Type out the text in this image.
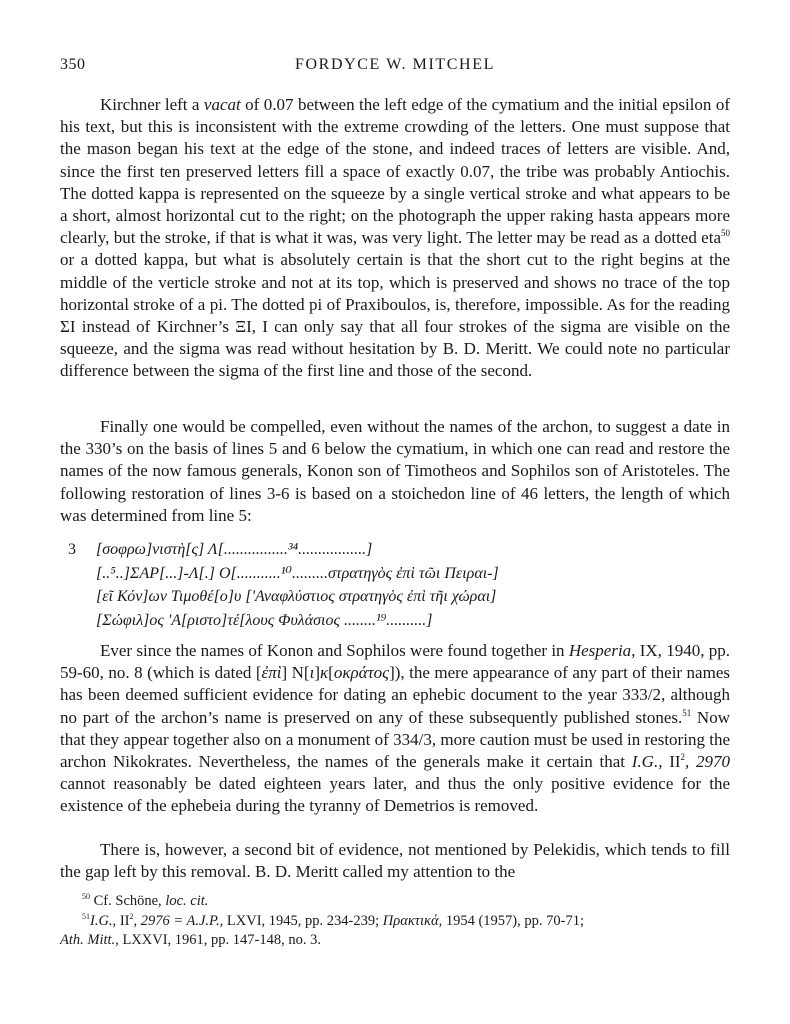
350	FORDYCE W. MITCHEL

Kirchner left a vacat of 0.07 between the left edge of the cymatium and the initial epsilon of his text, but this is inconsistent with the extreme crowding of the letters. One must suppose that the mason began his text at the edge of the stone, and indeed traces of letters are visible. And, since the first ten preserved letters fill a space of exactly 0.07, the tribe was probably Antiochis. The dotted kappa is represented on the squeeze by a single vertical stroke and what appears to be a short, almost horizontal cut to the right; on the photograph the upper raking hasta appears more clearly, but the stroke, if that is what it was, was very light. The letter may be read as a dotted eta$^{50}$ or a dotted kappa, but what is absolutely certain is that the short cut to the right begins at the middle of the verticle stroke and not at its top, which is preserved and shows no trace of the top horizontal stroke of a pi. The dotted pi of Praxiboulos, is, therefore, impossible. As for the reading ΣΙ instead of Kirchner’s ΞΙ, I can only say that all four strokes of the sigma are visible on the squeeze, and the sigma was read without hesitation by B. D. Meritt. We could note no particular difference between the sigma of the first line and those of the second.

Finally one would be compelled, even without the names of the archon, to suggest a date in the 330’s on the basis of lines 5 and 6 below the cymatium, in which one can read and restore the names of the now famous generals, Konon son of Timotheos and Sophilos son of Aristoteles. The following restoration of lines 3-6 is based on a stoichedon line of 46 letters, the length of which was determined from line 5:

3 [σοφρω]νιστὴ[ς] Λ[................³⁴.................]
[..⁵..]ΣΑΡ[...]-Λ[.] Ο[...........¹⁰.........στρατηγὸς ἐπὶ τῶι Πειραι-]
[εῖ Κόν]ων Τιμοθέ[ο]υ ['Αναφλύστιος στρατηγὸς ἐπὶ τῆι χώραι]
[Σώφιλ]ος 'Α[ριστο]τέ[λους Φυλάσιος ........¹⁹..........]

Ever since the names of Konon and Sophilos were found together in Hesperia, IX, 1940, pp. 59-60, no. 8 (which is dated [ἐπὶ] N[ι]κ[οκράτος]), the mere appearance of any part of their names has been deemed sufficient evidence for dating an ephebic document to the year 333/2, although no part of the archon’s name is preserved on any of these subsequently published stones.$^{51}$ Now that they appear together also on a monument of 334/3, more caution must be used in restoring the archon Nikokrates. Nevertheless, the names of the generals make it certain that I.G., $II^2$, 2970 cannot reasonably be dated eighteen years later, and thus the only positive evidence for the existence of the ephebeia during the tyranny of Demetrios is removed.

There is, however, a second bit of evidence, not mentioned by Pelekidis, which tends to fill the gap left by this removal. B. D. Meritt called my attention to the

$^{50}$ Cf. Schöne, loc. cit.

$^{51}$I.G., $II^2$, 2976 = A.J.P., LXVI, 1945, pp. 234-239; Πρακτικά, 1954 (1957), pp. 70-71;

Ath. Mitt., LXXVI, 1961, pp. 147-148, no. 3.
